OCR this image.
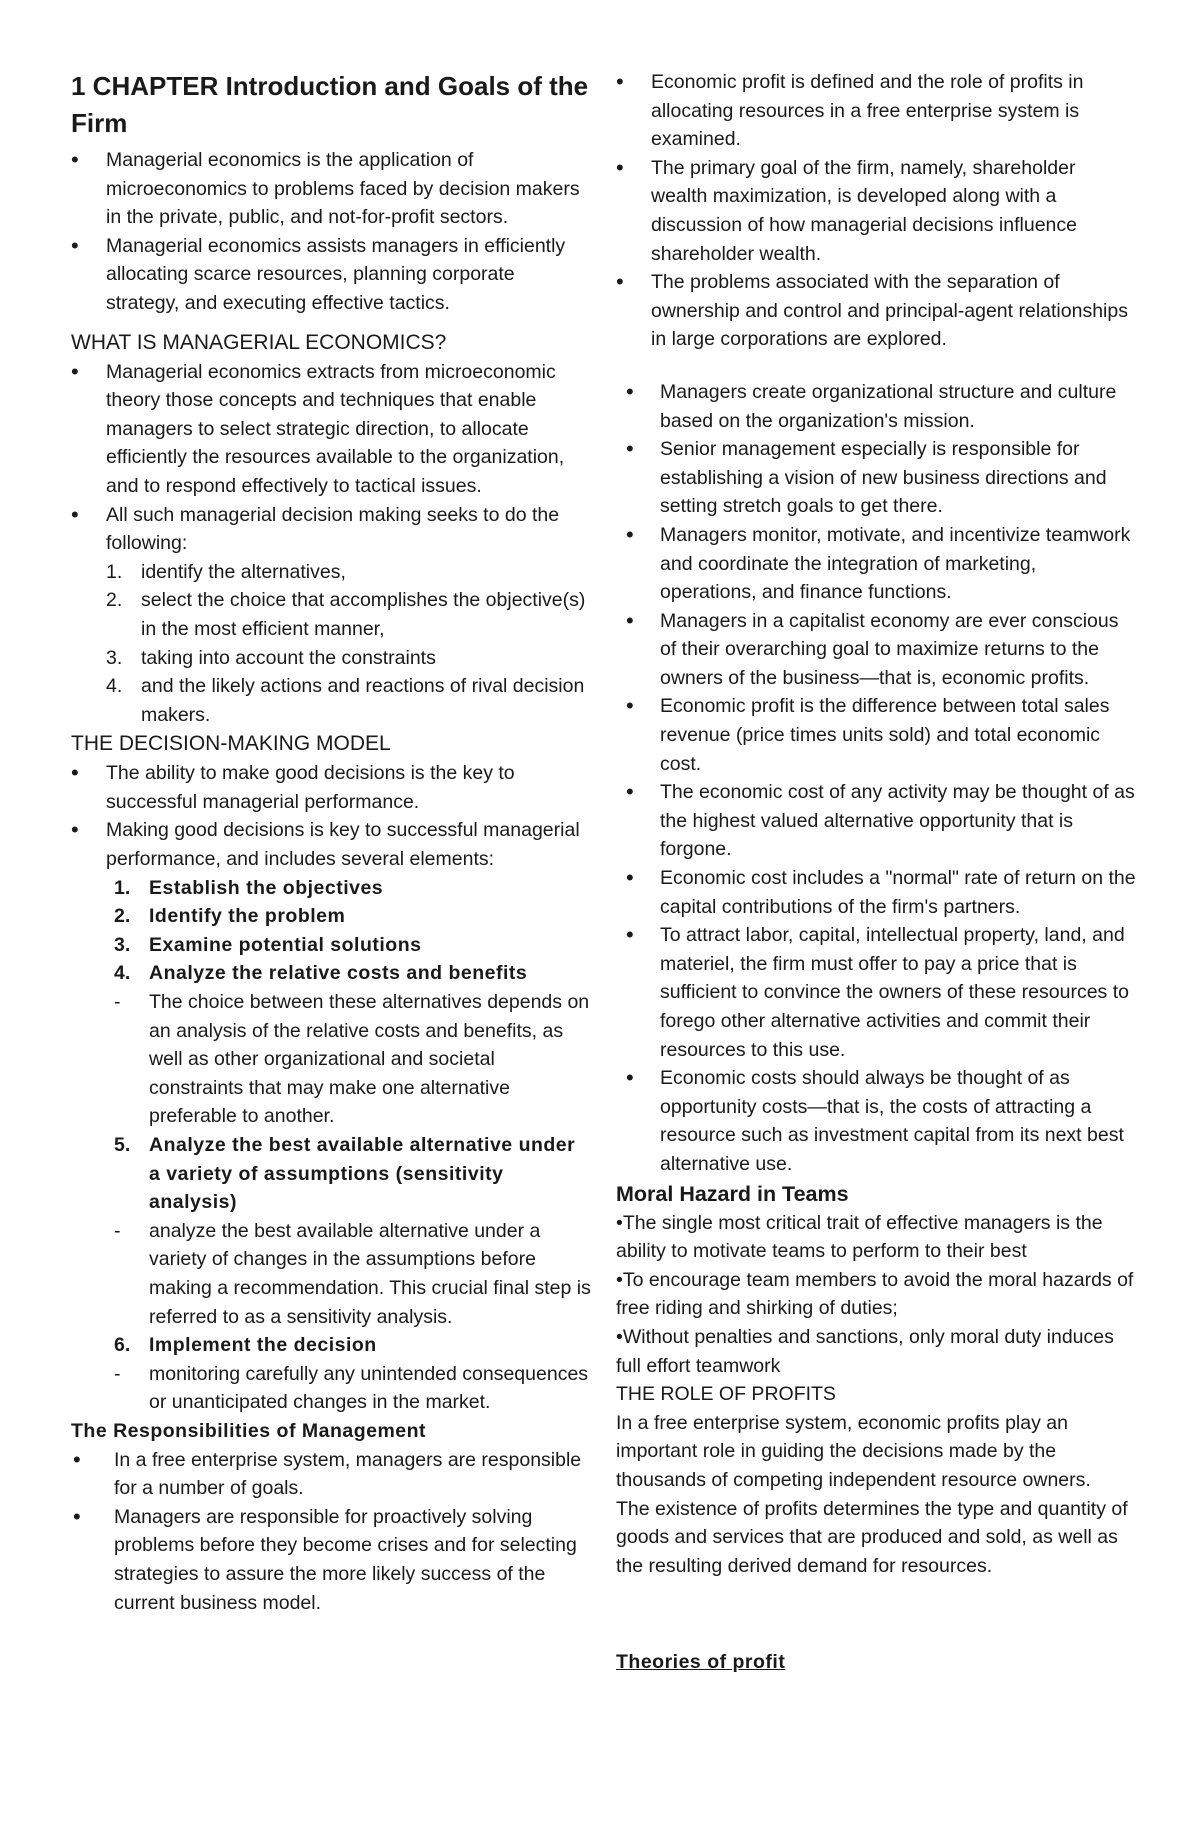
1 CHAPTER Introduction and Goals of the Firm
• Managerial economics is the application of microeconomics to problems faced by decision makers in the private, public, and not-for-profit sectors.
• Managerial economics assists managers in efficiently allocating scarce resources, planning corporate strategy, and executing effective tactics.
WHAT IS MANAGERIAL ECONOMICS?
• Managerial economics extracts from microeconomic theory those concepts and techniques that enable managers to select strategic direction, to allocate efficiently the resources available to the organization, and to respond effectively to tactical issues.
• All such managerial decision making seeks to do the following:
1. identify the alternatives,
2. select the choice that accomplishes the objective(s) in the most efficient manner,
3. taking into account the constraints
4. and the likely actions and reactions of rival decision makers.
THE DECISION-MAKING MODEL
• The ability to make good decisions is the key to successful managerial performance.
• Making good decisions is key to successful managerial performance, and includes several elements:
1. Establish the objectives
2. Identify the problem
3. Examine potential solutions
4. Analyze the relative costs and benefits
- The choice between these alternatives depends on an analysis of the relative costs and benefits, as well as other organizational and societal constraints that may make one alternative preferable to another.
5. Analyze the best available alternative under a variety of assumptions (sensitivity analysis)
- analyze the best available alternative under a variety of changes in the assumptions before making a recommendation. This crucial final step is referred to as a sensitivity analysis.
6. Implement the decision
- monitoring carefully any unintended consequences or unanticipated changes in the market.
The Responsibilities of Management
• In a free enterprise system, managers are responsible for a number of goals.
• Managers are responsible for proactively solving problems before they become crises and for selecting strategies to assure the more likely success of the current business model.
• Economic profit is defined and the role of profits in allocating resources in a free enterprise system is examined.
• The primary goal of the firm, namely, shareholder wealth maximization, is developed along with a discussion of how managerial decisions influence shareholder wealth.
• The problems associated with the separation of ownership and control and principal-agent relationships in large corporations are explored.
• Managers create organizational structure and culture based on the organization's mission.
• Senior management especially is responsible for establishing a vision of new business directions and setting stretch goals to get there.
• Managers monitor, motivate, and incentivize teamwork and coordinate the integration of marketing, operations, and finance functions.
• Managers in a capitalist economy are ever conscious of their overarching goal to maximize returns to the owners of the business—that is, economic profits.
• Economic profit is the difference between total sales revenue (price times units sold) and total economic cost.
• The economic cost of any activity may be thought of as the highest valued alternative opportunity that is forgone.
• Economic cost includes a "normal" rate of return on the capital contributions of the firm's partners.
• To attract labor, capital, intellectual property, land, and materiel, the firm must offer to pay a price that is sufficient to convince the owners of these resources to forego other alternative activities and commit their resources to this use.
• Economic costs should always be thought of as opportunity costs—that is, the costs of attracting a resource such as investment capital from its next best alternative use.
Moral Hazard in Teams

•The single most critical trait of effective managers is the ability to motivate teams to perform to their best

•To encourage team members to avoid the moral hazards of free riding and shirking of duties;

•Without penalties and sanctions, only moral duty induces full effort teamwork

THE ROLE OF PROFITS

In a free enterprise system, economic profits play an important role in guiding the decisions made by the thousands of competing independent resource owners.

The existence of profits determines the type and quantity of goods and services that are produced and sold, as well as the resulting derived demand for resources.

Theories of profit
